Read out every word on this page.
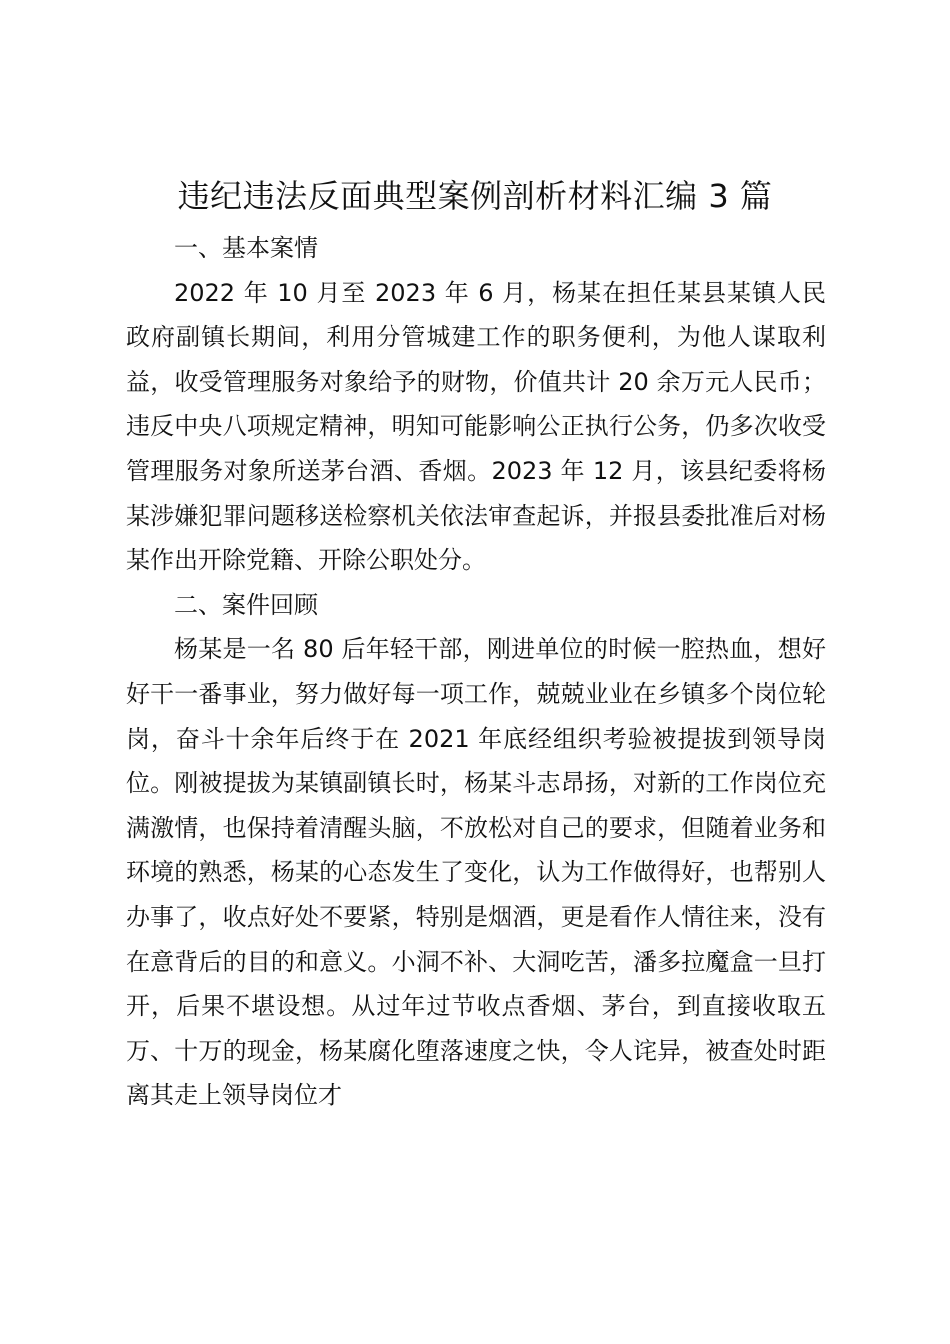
违纪违法反面典型案例剖析材料汇编 3 篇

一、基本案情

2022 年 10 月至 2023 年 6 月，杨某在担任某县某镇人民政府副镇长期间，利用分管城建工作的职务便利，为他人谋取利益，收受管理服务对象给予的财物，价值共计 20 余万元人民币；违反中央八项规定精神，明知可能影响公正执行公务，仍多次收受管理服务对象所送茅台酒、香烟。2023 年 12 月，该县纪委将杨某涉嫌犯罪问题移送检察机关依法审查起诉，并报县委批准后对杨某作出开除党籍、开除公职处分。

二、案件回顾

杨某是一名 80 后年轻干部，刚进单位的时候一腔热血，想好好干一番事业，努力做好每一项工作，兢兢业业在乡镇多个岗位轮岗，奋斗十余年后终于在 2021 年底经组织考验被提拔到领导岗位。刚被提拔为某镇副镇长时，杨某斗志昂扬，对新的工作岗位充满激情，也保持着清醒头脑，不放松对自己的要求，但随着业务和环境的熟悉，杨某的心态发生了变化，认为工作做得好，也帮别人办事了，收点好处不要紧，特别是烟酒，更是看作人情往来，没有在意背后的目的和意义。小洞不补、大洞吃苦，潘多拉魔盒一旦打开，后果不堪设想。从过年过节收点香烟、茅台，到直接收取五万、十万的现金，杨某腐化堕落速度之快，令人诧异，被查处时距离其走上领导岗位才
